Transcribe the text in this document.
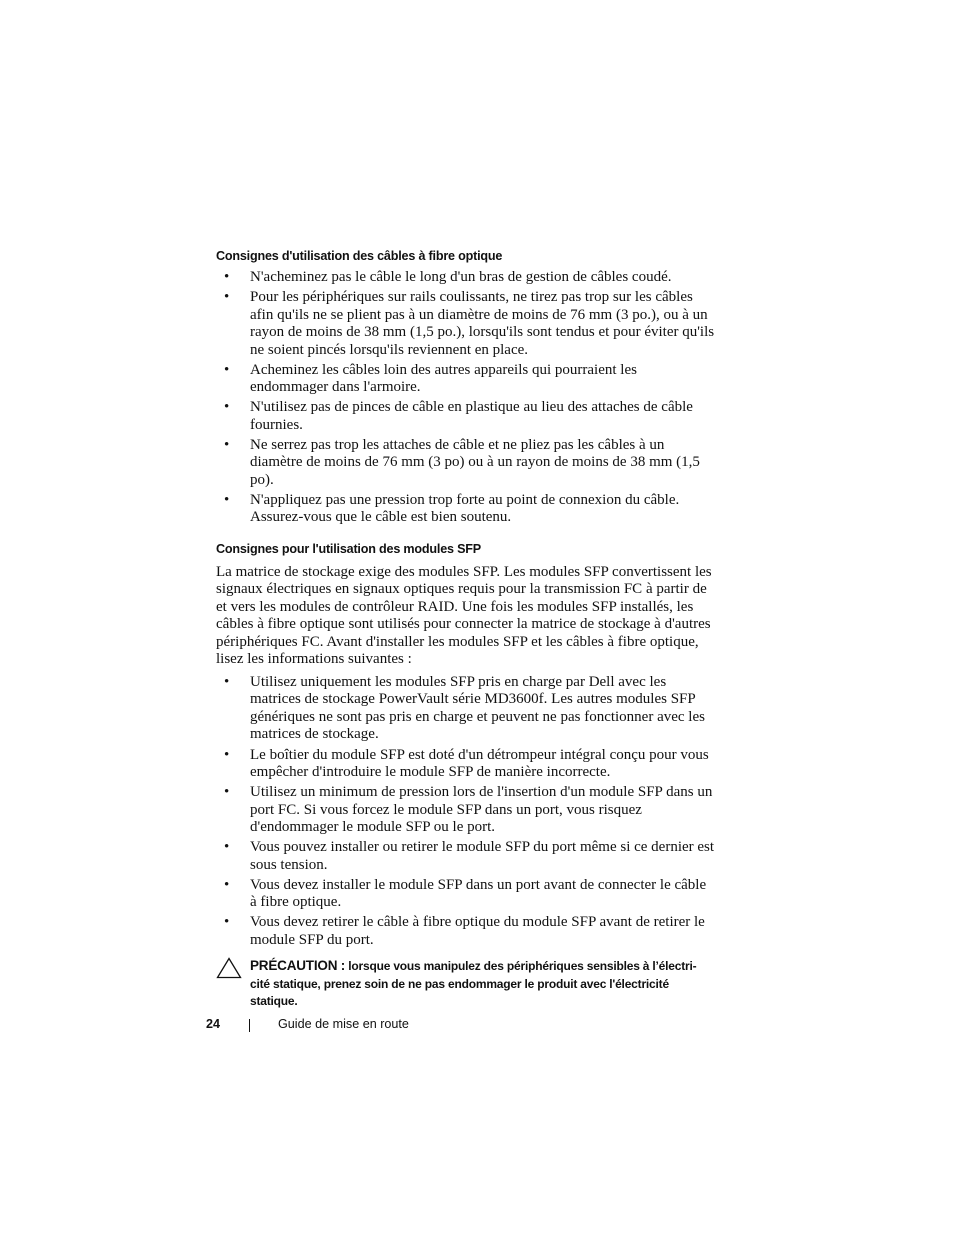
Consignes d'utilisation des câbles à fibre optique
• N'acheminez pas le câble le long d'un bras de gestion de câbles coudé.
• Pour les périphériques sur rails coulissants, ne tirez pas trop sur les câbles afin qu'ils ne se plient pas à un diamètre de moins de 76 mm (3 po.), ou à un rayon de moins de 38 mm (1,5 po.), lorsqu'ils sont tendus et pour éviter qu'ils ne soient pincés lorsqu'ils reviennent en place.
• Acheminez les câbles loin des autres appareils qui pourraient les endommager dans l'armoire.
• N'utilisez pas de pinces de câble en plastique au lieu des attaches de câble fournies.
• Ne serrez pas trop les attaches de câble et ne pliez pas les câbles à un diamètre de moins de 76 mm (3 po) ou à un rayon de moins de 38 mm (1,5 po).
• N'appliquez pas une pression trop forte au point de connexion du câble. Assurez-vous que le câble est bien soutenu.
Consignes pour l'utilisation des modules SFP

La matrice de stockage exige des modules SFP. Les modules SFP convertissent les signaux électriques en signaux optiques requis pour la transmission FC à partir de et vers les modules de contrôleur RAID. Une fois les modules SFP installés, les câbles à fibre optique sont utilisés pour connecter la matrice de stockage à d'autres périphériques FC. Avant d'installer les modules SFP et les câbles à fibre optique, lisez les informations suivantes :

• Utilisez uniquement les modules SFP pris en charge par Dell avec les matrices de stockage PowerVault série MD3600f. Les autres modules SFP génériques ne sont pas pris en charge et peuvent ne pas fonctionner avec les matrices de stockage.
• Le boîtier du module SFP est doté d'un détrompeur intégral conçu pour vous empêcher d'introduire le module SFP de manière incorrecte.
• Utilisez un minimum de pression lors de l'insertion d'un module SFP dans un port FC. Si vous forcez le module SFP dans un port, vous risquez d'endommager le module SFP ou le port.
• Vous pouvez installer ou retirer le module SFP du port même si ce dernier est sous tension.
• Vous devez installer le module SFP dans un port avant de connecter le câble à fibre optique.
• Vous devez retirer le câble à fibre optique du module SFP avant de retirer le module SFP du port.
PRÉCAUTION : lorsque vous manipulez des périphériques sensibles à l’électri-cité statique, prenez soin de ne pas endommager le produit avec l'électricité statique.
24	Guide de mise en route
